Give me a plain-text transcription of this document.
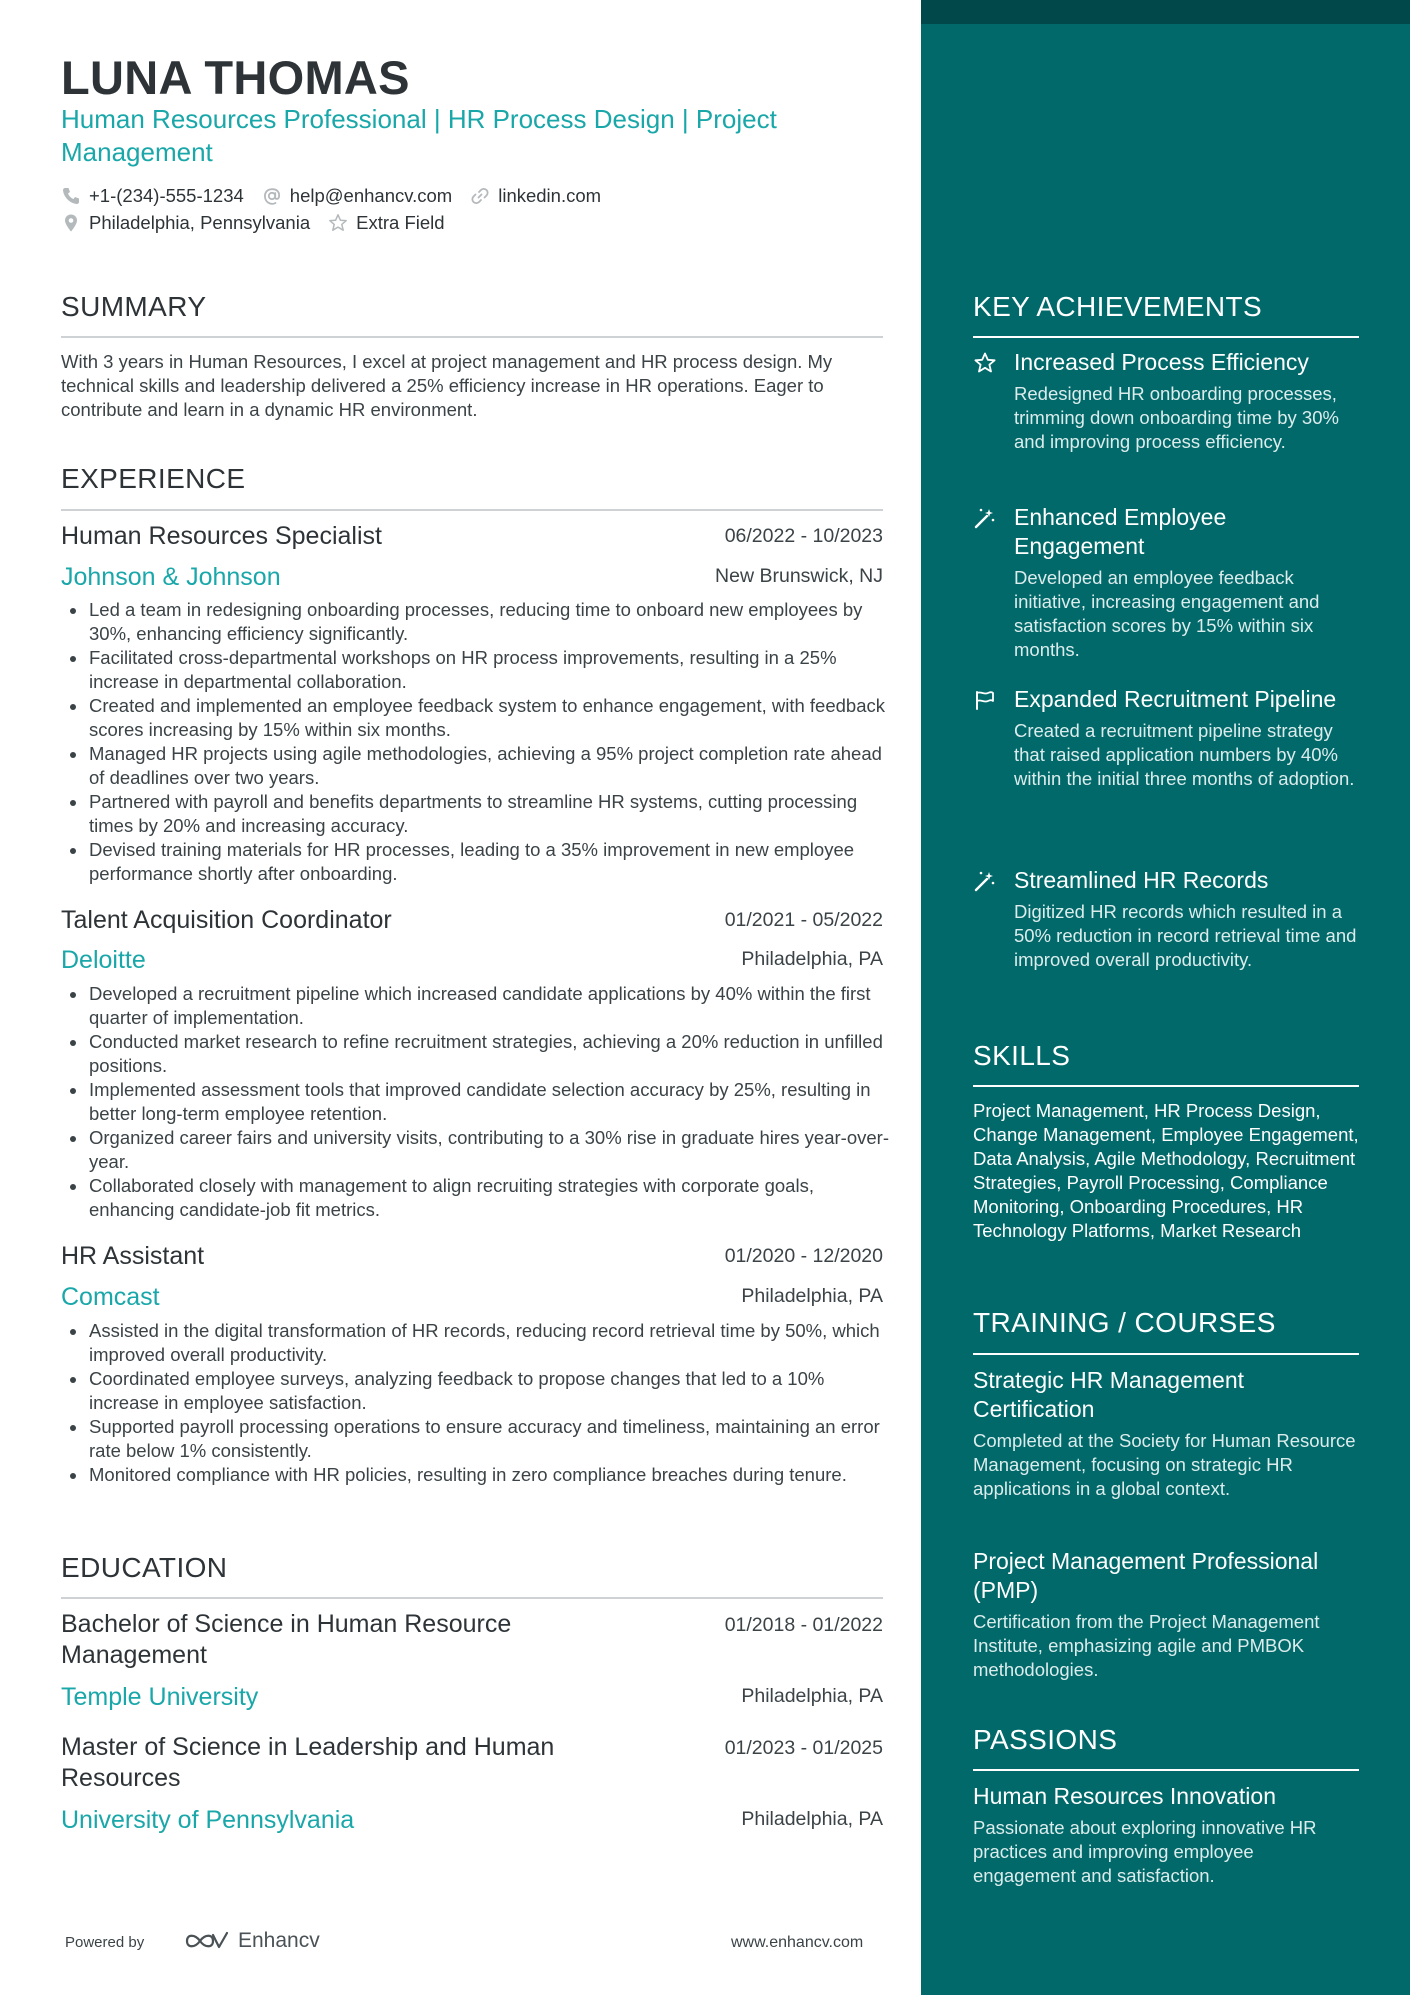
LUNA THOMAS
Human Resources Professional | HR Process Design | Project Management
+1-(234)-555-1234 help@enhancv.com linkedin.com
Philadelphia, Pennsylvania Extra Field
SUMMARY
With 3 years in Human Resources, I excel at project management and HR process design. My technical skills and leadership delivered a 25% efficiency increase in HR operations. Eager to contribute and learn in a dynamic HR environment.
EXPERIENCE
Human Resources Specialist	06/2022 - 10/2023
Johnson & Johnson	New Brunswick, NJ
Led a team in redesigning onboarding processes, reducing time to onboard new employees by 30%, enhancing efficiency significantly.
Facilitated cross-departmental workshops on HR process improvements, resulting in a 25% increase in departmental collaboration.
Created and implemented an employee feedback system to enhance engagement, with feedback scores increasing by 15% within six months.
Managed HR projects using agile methodologies, achieving a 95% project completion rate ahead of deadlines over two years.
Partnered with payroll and benefits departments to streamline HR systems, cutting processing times by 20% and increasing accuracy.
Devised training materials for HR processes, leading to a 35% improvement in new employee performance shortly after onboarding.
Talent Acquisition Coordinator	01/2021 - 05/2022
Deloitte	Philadelphia, PA
Developed a recruitment pipeline which increased candidate applications by 40% within the first quarter of implementation.
Conducted market research to refine recruitment strategies, achieving a 20% reduction in unfilled positions.
Implemented assessment tools that improved candidate selection accuracy by 25%, resulting in better long-term employee retention.
Organized career fairs and university visits, contributing to a 30% rise in graduate hires year-over-year.
Collaborated closely with management to align recruiting strategies with corporate goals, enhancing candidate-job fit metrics.
HR Assistant	01/2020 - 12/2020
Comcast	Philadelphia, PA
Assisted in the digital transformation of HR records, reducing record retrieval time by 50%, which improved overall productivity.
Coordinated employee surveys, analyzing feedback to propose changes that led to a 10% increase in employee satisfaction.
Supported payroll processing operations to ensure accuracy and timeliness, maintaining an error rate below 1% consistently.
Monitored compliance with HR policies, resulting in zero compliance breaches during tenure.
EDUCATION
Bachelor of Science in Human Resource Management
01/2018 - 01/2022
Temple University	Philadelphia, PA
Master of Science in Leadership and Human Resources
01/2023 - 01/2025
University of Pennsylvania	Philadelphia, PA
Powered by	Enhancv	www.enhancv.com
KEY ACHIEVEMENTS
Increased Process Efficiency
Redesigned HR onboarding processes, trimming down onboarding time by 30% and improving process efficiency.
Enhanced Employee Engagement
Developed an employee feedback initiative, increasing engagement and satisfaction scores by 15% within six months.
Expanded Recruitment Pipeline
Created a recruitment pipeline strategy that raised application numbers by 40% within the initial three months of adoption.
Streamlined HR Records
Digitized HR records which resulted in a 50% reduction in record retrieval time and improved overall productivity.
SKILLS
Project Management, HR Process Design, Change Management, Employee Engagement, Data Analysis, Agile Methodology, Recruitment Strategies, Payroll Processing, Compliance Monitoring, Onboarding Procedures, HR Technology Platforms, Market Research
TRAINING / COURSES
Strategic HR Management Certification
Completed at the Society for Human Resource Management, focusing on strategic HR applications in a global context.
Project Management Professional (PMP)
Certification from the Project Management Institute, emphasizing agile and PMBOK methodologies.
PASSIONS
Human Resources Innovation
Passionate about exploring innovative HR practices and improving employee engagement and satisfaction.
